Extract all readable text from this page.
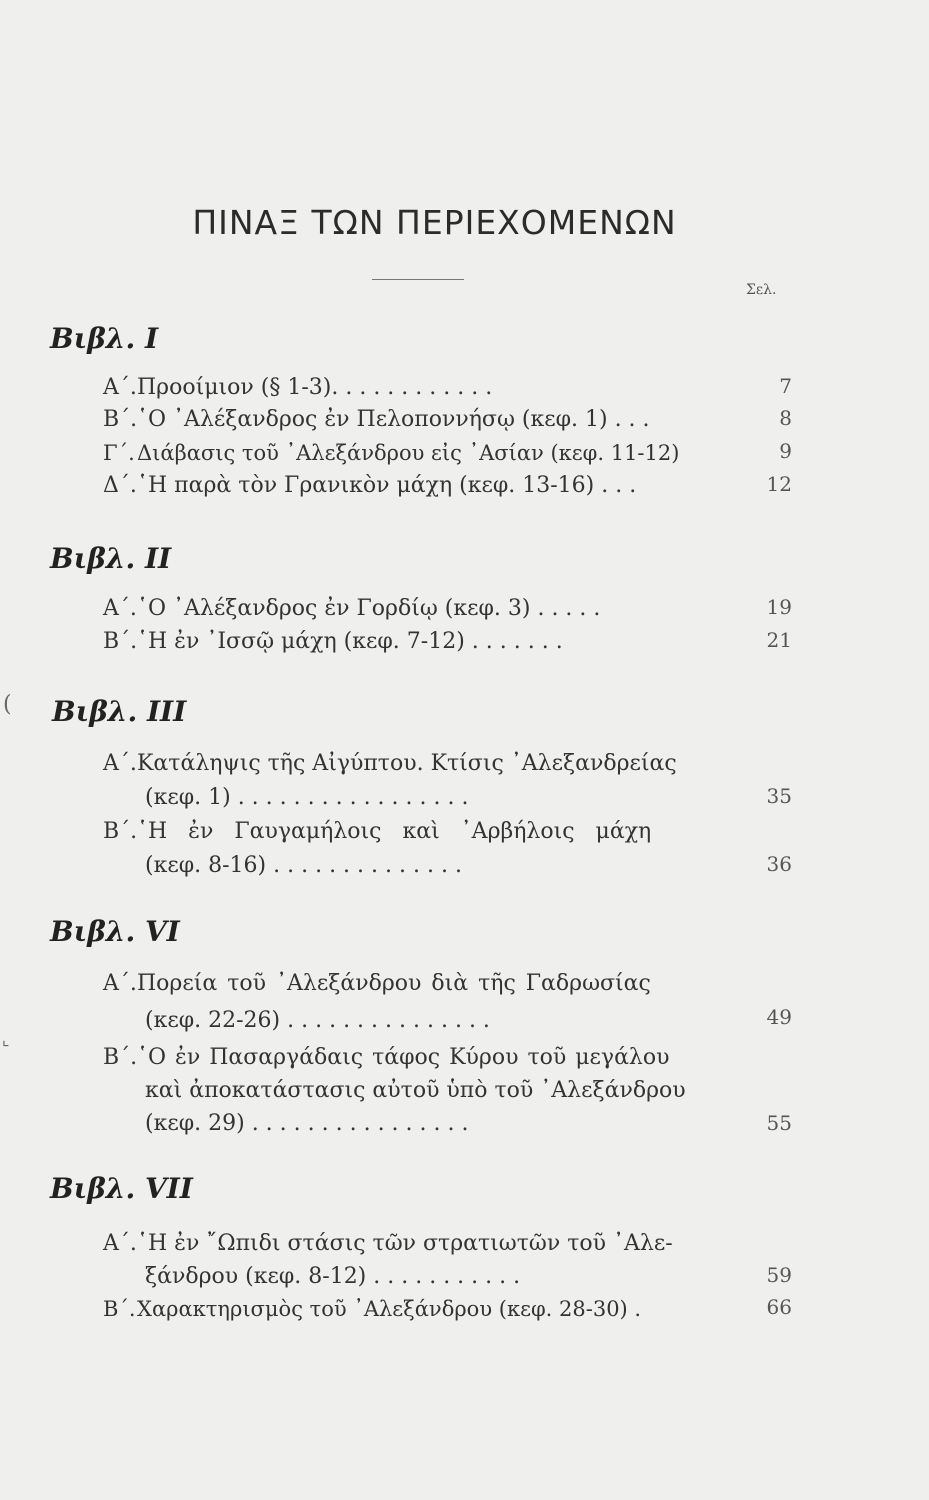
ΠΙΝΑΞ ΤΩΝ ΠΕΡΙΕΧΟΜΕΝΩΝ
Σελ.
Βιβλ. I
Α΄.Προοίμιον (§ 1-3). . . . . . . . . . . .	7
Β΄.῾Ο ᾿Αλέξανδρος ἐν Πελοποννήσῳ (κεφ. 1) . . .	8
Γ΄. Διάβασις τοῦ ᾿Αλεξάνδρου εἰς ᾿Ασίαν (κεφ. 11-12)	9
Δ΄.῾Η παρὰ τὸν Γρανικὸν μάχη (κεφ. 13-16) . . .	12
Βιβλ. II
Α΄.῾Ο ᾿Αλέξανδρος ἐν Γορδίῳ (κεφ. 3) . . . . .	19
Β΄.῾Η ἐν ᾿Ισσῷ μάχη (κεφ. 7-12) . . . . . . .	21
( Βιβλ. III
Α΄.Κατάληψις τῆς Αἰγύπτου. Κτίσις ᾿Αλεξανδρείας
(κεφ. 1) . . . . . . . . . . . . . . . . .	35
Β΄.῾Η ἐν Γαυγαμήλοις καὶ ᾿Αρβήλοις μάχη
(κεφ. 8-16) . . . . . . . . . . . . . .	36
Βιβλ. VI
Α΄.Πορεία τοῦ ᾿Αλεξάνδρου διὰ τῆς Γαδρωσίας
(κεφ. 22-26) . . . . . . . . . . . . . . .	49
⌞
Β΄.῾Ο ἐν Πασαργάδαις τάφος Κύρου τοῦ μεγάλου
καὶ ἀποκατάστασις αὐτοῦ ὑπὸ τοῦ ᾿Αλεξάνδρου
(κεφ. 29) . . . . . . . . . . . . . . . .	55
Βιβλ. VII
Α΄.῾Η ἐν ῎Ωπιδι στάσις τῶν στρατιωτῶν τοῦ ᾿Αλε-
ξάνδρου (κεφ. 8-12) . . . . . . . . . . .	59
Β΄.Χαρακτηρισμὸς τοῦ ᾿Αλεξάνδρου (κεφ. 28-30) .	66
